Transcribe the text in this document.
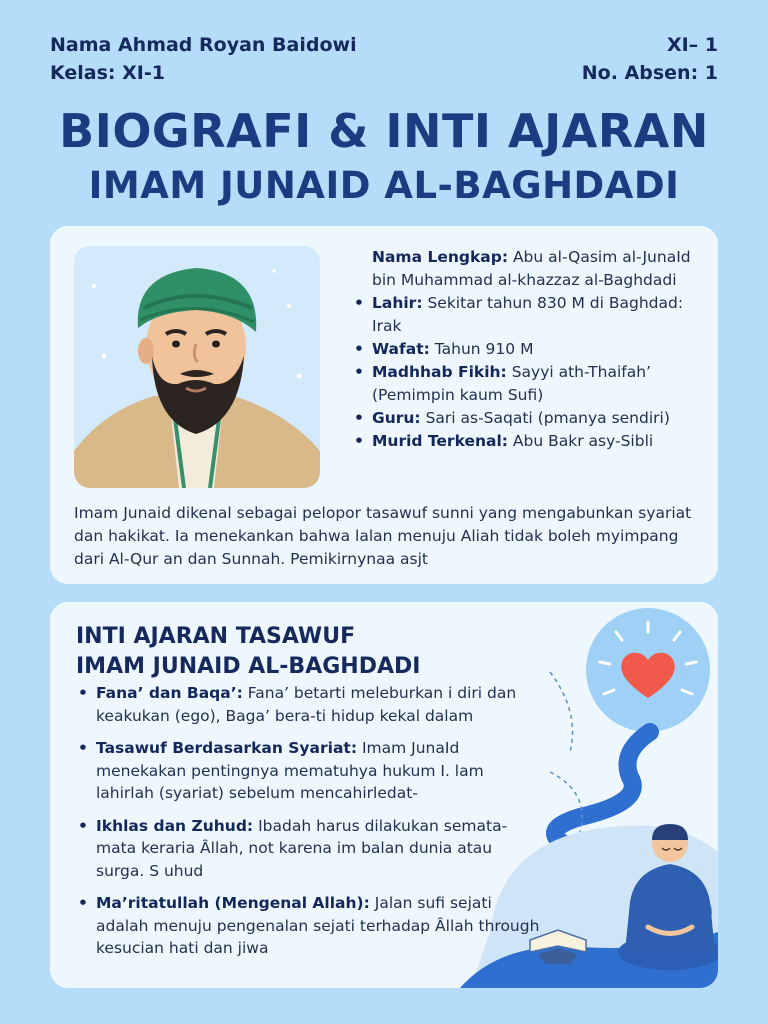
Nama Ahmad Royan Baidowi	XI– 1
Kelas: XI-1	No. Absen: 1
BIOGRAFI & INTI AJARAN
IMAM JUNAID AL-BAGHDADI
Nama Lengkap: Abu al-Qasim al-JunaId bin Muhammad al-khazzaz al-Baghdadi
• Lahir: Sekitar tahun 830 M di Baghdad: Irak
• Wafat: Tahun 910 M
• Madhhab Fikih: Sayyi ath-Thaifah’ (Pemimpin kaum Sufi)
• Guru: Sari as-Saqati (pmanya sendiri)
• Murid Terkenal: Abu Bakr asy-Sibli

Imam Junaid dikenal sebagai pelopor tasawuf sunni yang mengabunkan syariat dan hakikat. Ia menekankan bahwa lalan menuju Aliah tidak boleh myimpang dari Al-Qur an dan Sunnah. Pemikirnynaa asjt

INTI AJARAN TASAWUF
IMAM JUNAID AL-BAGHDADI
• Fana’ dan Baqa’: Fana’ betarti meleburkan i diri dan keakukan (ego), Baga’ bera-ti hidup kekal dalam
• Tasawuf Berdasarkan Syariat: Imam JunaId menekakan pentingnya mematuhya hukum I. lam lahirlah (syariat) sebelum mencahirledat-
• Ikhlas dan Zuhud: Ibadah harus dilakukan semata-mata keraria Ȃllah, not karena im balan dunia atau surga. S uhud
• Ma’ritatullah (Mengenal Allah): Jalan sufi sejati adalah menuju pengenalan sejati terhadap Ȃllah through kesucian hati dan jiwa
